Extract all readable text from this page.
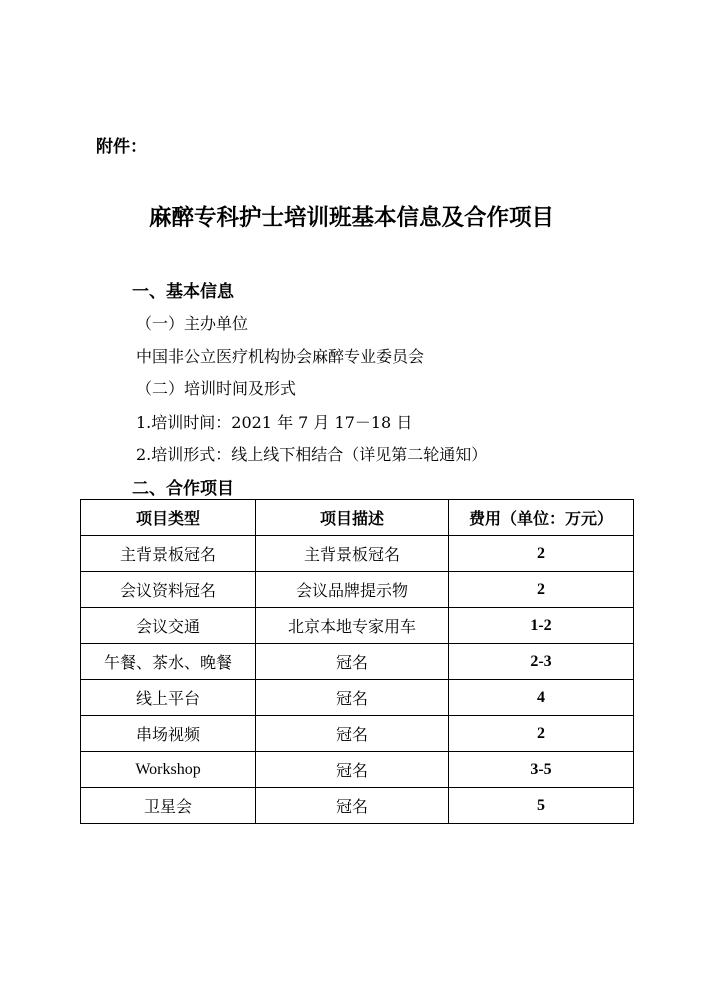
附件：
麻醉专科护士培训班基本信息及合作项目
一、基本信息
（一）主办单位
中国非公立医疗机构协会麻醉专业委员会
（二）培训时间及形式
1.培训时间：2021 年 7 月 17－18 日
2.培训形式：线上线下相结合（详见第二轮通知）
二、合作项目
项目类型	项目描述	费用（单位：万元）
主背景板冠名	主背景板冠名	2
会议资料冠名	会议品牌提示物	2
会议交通	北京本地专家用车	1-2
午餐、茶水、晚餐	冠名	2-3
线上平台	冠名	4
串场视频	冠名	2
Workshop	冠名	3-5
卫星会	冠名	5
